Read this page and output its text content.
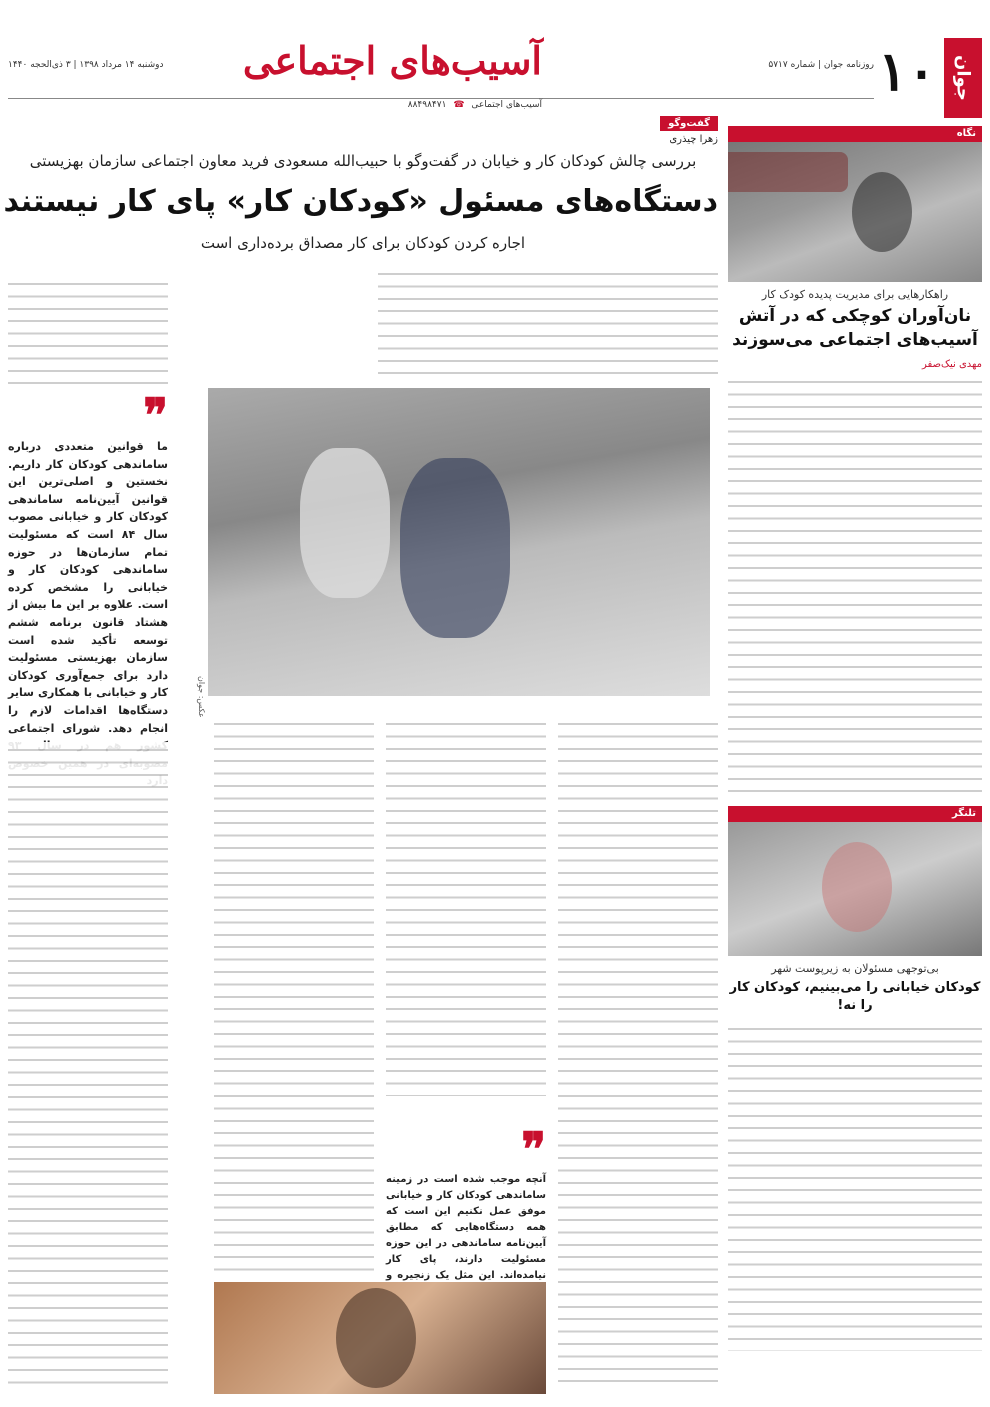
جوان
۱۰
روزنامه جوان | شماره ۵۷۱۷
آسیب‌های اجتماعی
دوشنبه ۱۴ مرداد ۱۳۹۸ | ۳ ذی‌الحجه ۱۴۴۰
آسیب‌های اجتماعی ☎ ۸۸۴۹۸۴۷۱
نگاه
راهکارهایی برای مدیریت پدیده کودک کار
نان‌آوران کوچکی که در آتش آسیب‌های اجتماعی می‌سوزند
مهدی نیک‌صفر
تلنگر
بی‌توجهی مسئولان به زیرپوست شهر
کودکان خیابانی را می‌بینیم، کودکان کار را نه!
گفت‌وگو
زهرا چیذری
بررسی چالش کودکان کار و خیابان در گفت‌وگو با حبیب‌الله مسعودی فرید معاون اجتماعی سازمان بهزیستی
دستگاه‌های مسئول «کودکان کار» پای کار نیستند
اجاره کردن کودکان برای کار مصداق برده‌داری است
عکس: جوان
❞
ما قوانین متعددی درباره ساماندهی کودکان کار داریم. نخستین و اصلی‌ترین این قوانین آیین‌نامه ساماندهی کودکان کار و خیابانی مصوب سال ۸۴ است که مسئولیت تمام سازمان‌ها در حوزه ساماندهی کودکان کار و خیابانی را مشخص کرده است. علاوه بر این ما بیش از هشتاد قانون برنامه ششم توسعه تأکید شده است سازمان بهزیستی مسئولیت دارد برای جمع‌آوری کودکان کار و خیابانی با همکاری سایر دستگاه‌ها اقدامات لازم را انجام دهد. شورای اجتماعی
❞
آنچه موجب شده است در زمینه ساماندهی کودکان کار و خیابانی موفق عمل نکنیم این است که همه دستگاه‌هایی که مطابق آیین‌نامه ساماندهی در این حوزه مسئولیت دارند، پای کار نیامده‌اند. این مثل یک زنجیره و
